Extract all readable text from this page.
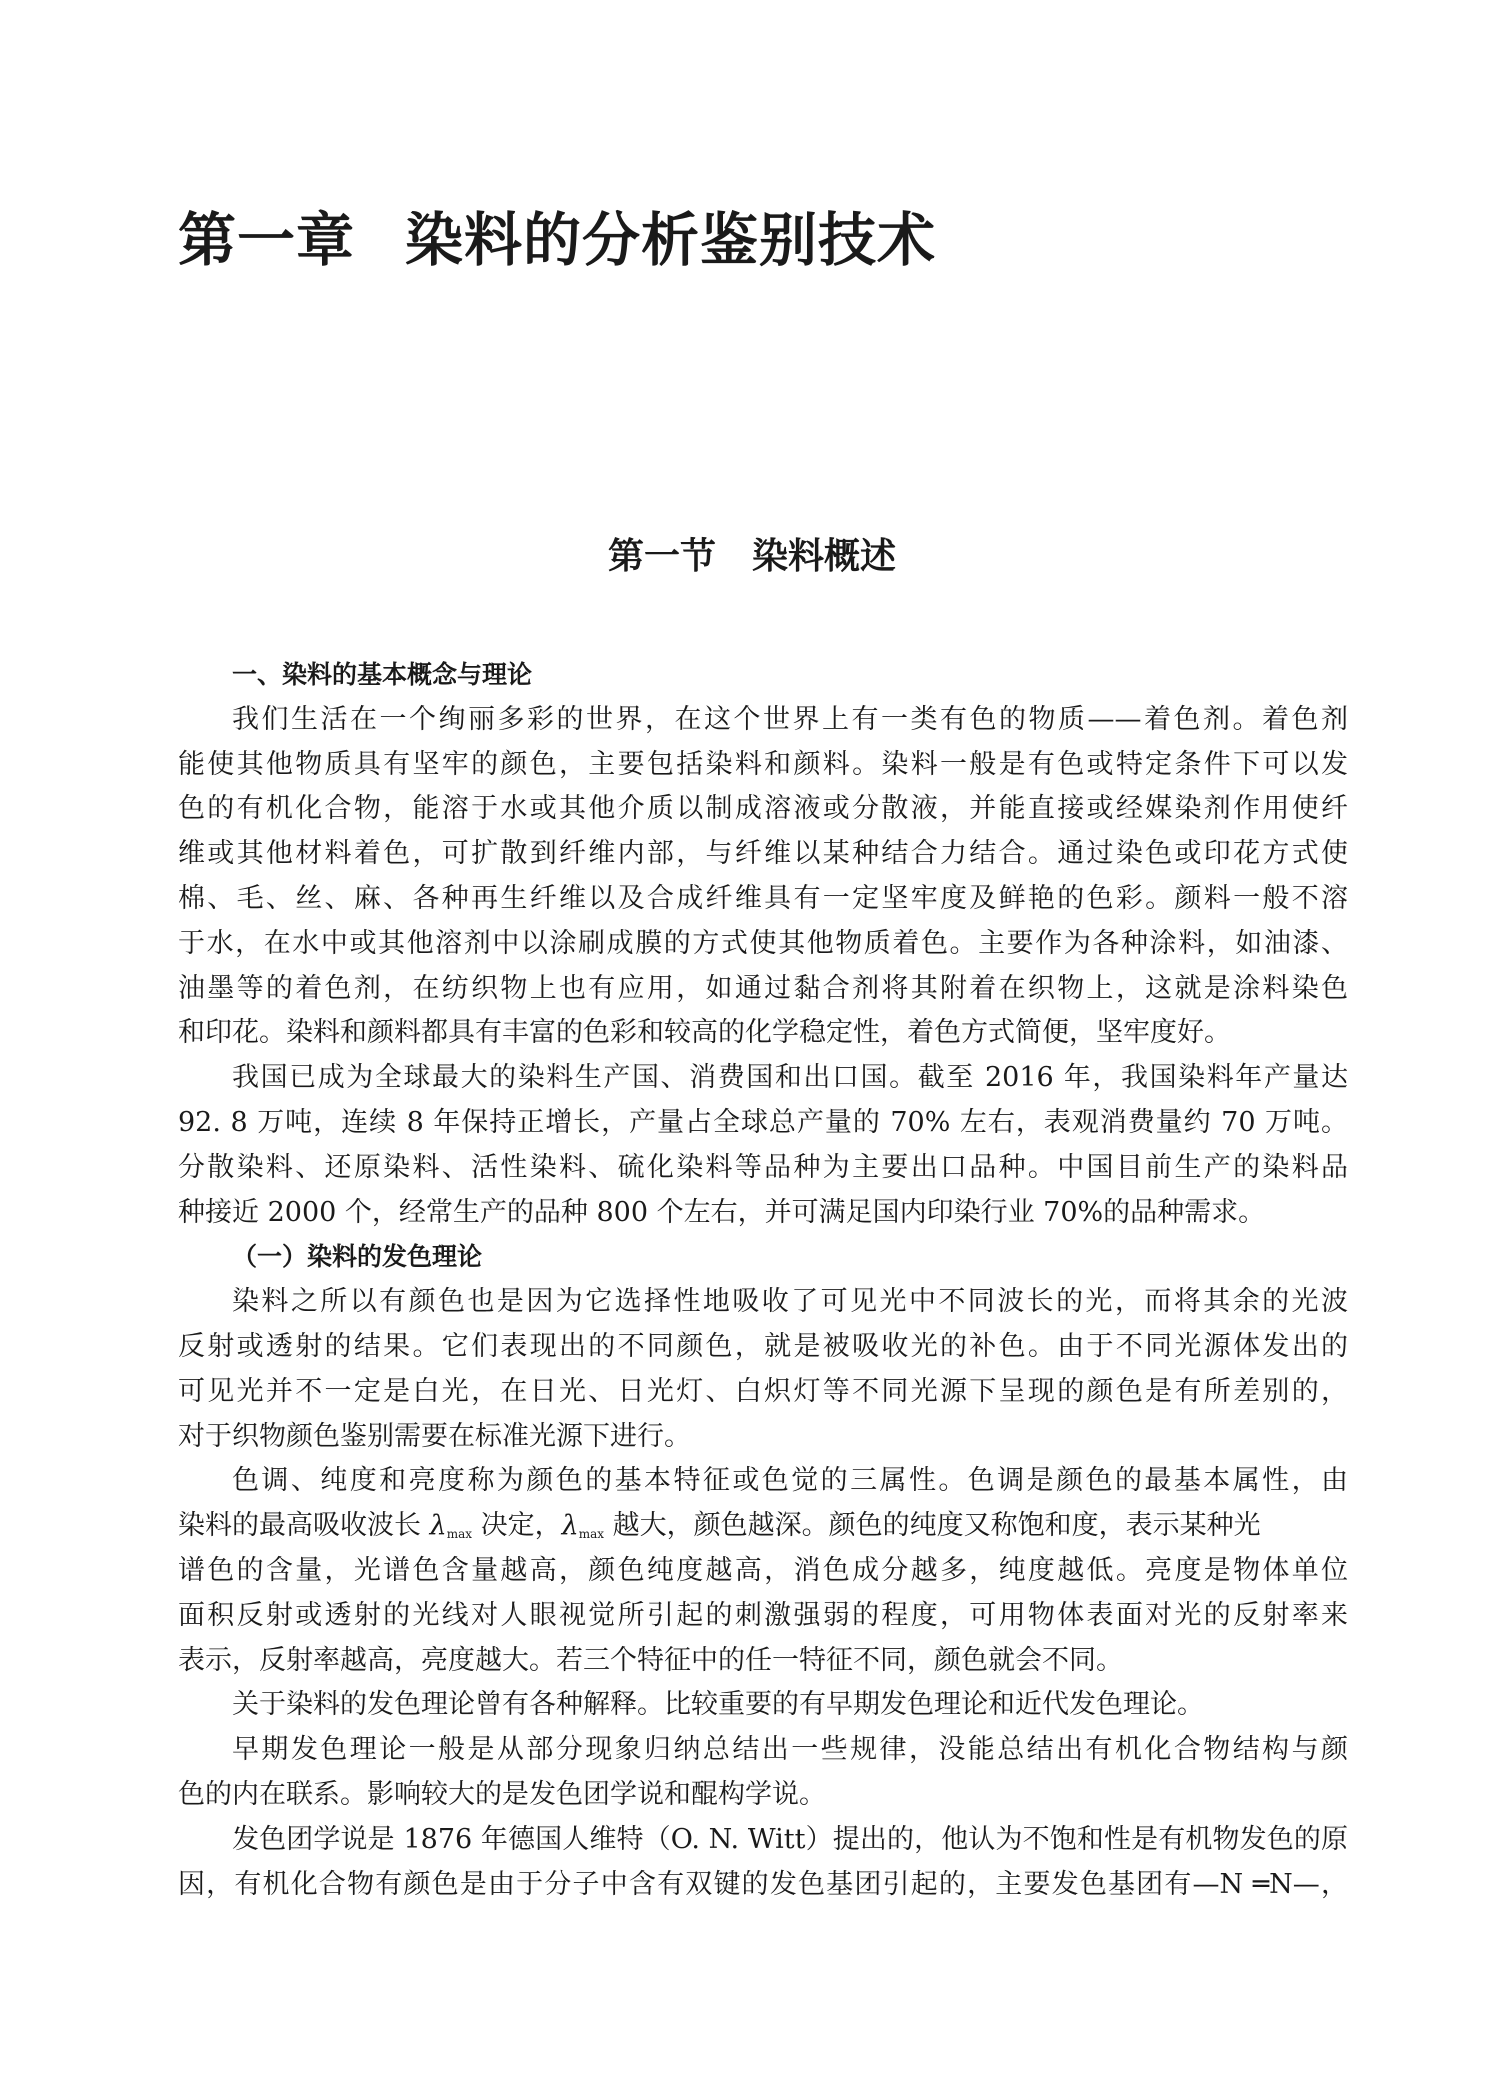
第一章 染料的分析鉴别技术
第一节 染料概述
一、染料的基本概念与理论
我们生活在一个绚丽多彩的世界，在这个世界上有一类有色的物质——着色剂。着色剂
能使其他物质具有坚牢的颜色，主要包括染料和颜料。染料一般是有色或特定条件下可以发
色的有机化合物，能溶于水或其他介质以制成溶液或分散液，并能直接或经媒染剂作用使纤
维或其他材料着色，可扩散到纤维内部，与纤维以某种结合力结合。通过染色或印花方式使
棉、毛、丝、麻、各种再生纤维以及合成纤维具有一定坚牢度及鲜艳的色彩。颜料一般不溶
于水，在水中或其他溶剂中以涂刷成膜的方式使其他物质着色。主要作为各种涂料，如油漆、
油墨等的着色剂，在纺织物上也有应用，如通过黏合剂将其附着在织物上，这就是涂料染色
和印花。染料和颜料都具有丰富的色彩和较高的化学稳定性，着色方式简便，坚牢度好。
我国已成为全球最大的染料生产国、消费国和出口国。截至 2016 年，我国染料年产量达
92. 8 万吨，连续 8 年保持正增长，产量占全球总产量的 70% 左右，表观消费量约 70 万吨。
分散染料、还原染料、活性染料、硫化染料等品种为主要出口品种。中国目前生产的染料品
种接近 2000 个，经常生产的品种 800 个左右，并可满足国内印染行业 70%的品种需求。
（一）染料的发色理论
染料之所以有颜色也是因为它选择性地吸收了可见光中不同波长的光，而将其余的光波
反射或透射的结果。它们表现出的不同颜色，就是被吸收光的补色。由于不同光源体发出的
可见光并不一定是白光，在日光、日光灯、白炽灯等不同光源下呈现的颜色是有所差别的，
对于织物颜色鉴别需要在标准光源下进行。
色调、纯度和亮度称为颜色的基本特征或色觉的三属性。色调是颜色的最基本属性，由
染料的最高吸收波长 $\lambda_{max}$ 决定，$\lambda_{max}$ 越大，颜色越深。颜色的纯度又称饱和度，表示某种光
谱色的含量，光谱色含量越高，颜色纯度越高，消色成分越多，纯度越低。亮度是物体单位
面积反射或透射的光线对人眼视觉所引起的刺激强弱的程度，可用物体表面对光的反射率来
表示，反射率越高，亮度越大。若三个特征中的任一特征不同，颜色就会不同。
关于染料的发色理论曾有各种解释。比较重要的有早期发色理论和近代发色理论。
早期发色理论一般是从部分现象归纳总结出一些规律，没能总结出有机化合物结构与颜
色的内在联系。影响较大的是发色团学说和醌构学说。
发色团学说是 1876 年德国人维特（O. N. Witt）提出的，他认为不饱和性是有机物发色的原
因，有机化合物有颜色是由于分子中含有双键的发色基团引起的，主要发色基团有—N ═N—，
